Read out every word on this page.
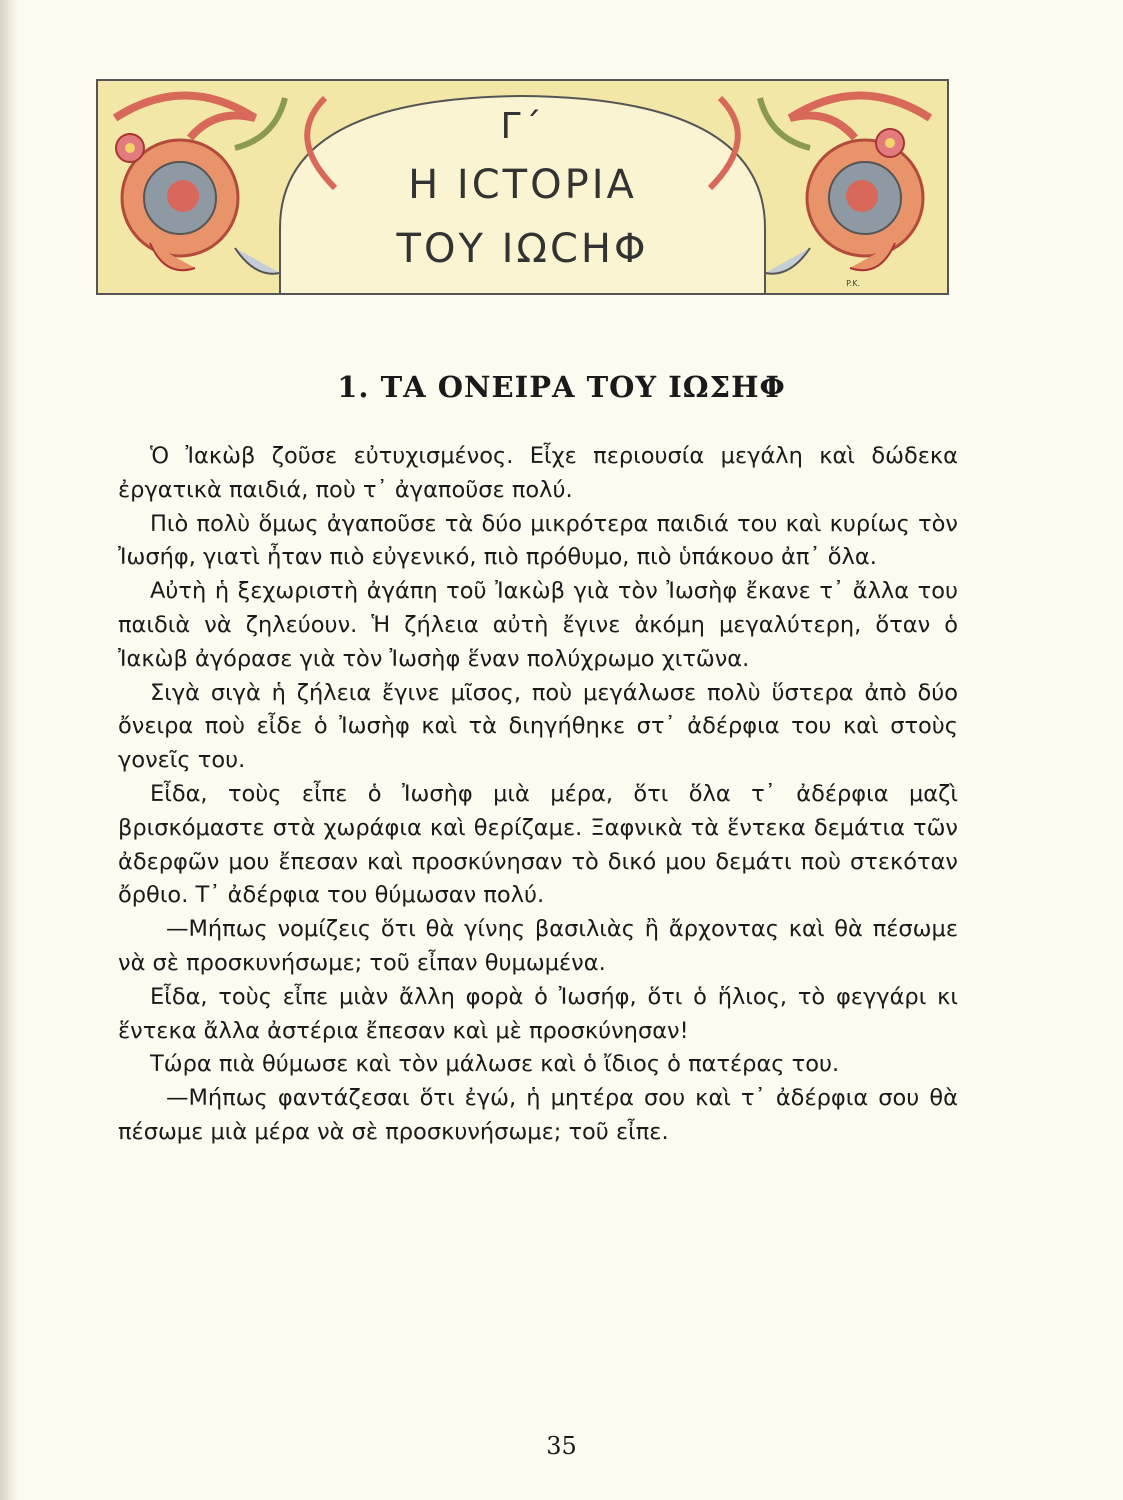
Γ΄
Η ΙCΤΟΡΙΑ
ΤΟΥ ΙΩCΗΦ
P.K.
1. ΤΑ ΟΝΕΙΡΑ ΤΟΥ ΙΩΣΗΦ

Ὁ Ἰακὼβ ζοῦσε εὐτυχισμένος. Εἶχε περιουσία μεγάλη καὶ δώδεκα ἐργατικὰ παιδιά, ποὺ τ᾿ ἀγαποῦσε πολύ.

Πιὸ πολὺ ὅμως ἀγαποῦσε τὰ δύο μικρότερα παιδιά του καὶ κυρίως τὸν Ἰωσήφ, γιατὶ ἦταν πιὸ εὐγενικό, πιὸ πρόθυμο, πιὸ ὑπάκουο ἀπ᾿ ὅλα.

Αὐτὴ ἡ ξεχωριστὴ ἀγάπη τοῦ Ἰακὼβ γιὰ τὸν Ἰωσὴφ ἔκανε τ᾿ ἄλλα του παιδιὰ νὰ ζηλεύουν. Ἡ ζήλεια αὐτὴ ἔγινε ἀκόμη μεγαλύτερη, ὅταν ὁ Ἰακὼβ ἀγόρασε γιὰ τὸν Ἰωσὴφ ἕναν πολύχρωμο χιτῶνα.

Σιγὰ σιγὰ ἡ ζήλεια ἔγινε μῖσος, ποὺ μεγάλωσε πολὺ ὕστερα ἀπὸ δύο ὄνειρα ποὺ εἶδε ὁ Ἰωσὴφ καὶ τὰ διηγήθηκε στ᾿ ἀδέρφια του καὶ στοὺς γονεῖς του.

Εἶδα, τοὺς εἶπε ὁ Ἰωσὴφ μιὰ μέρα, ὅτι ὅλα τ᾿ ἀδέρφια μαζὶ βρισκόμαστε στὰ χωράφια καὶ θερίζαμε. Ξαφνικὰ τὰ ἕντεκα δεμάτια τῶν ἀδερφῶν μου ἔπεσαν καὶ προσκύνησαν τὸ δικό μου δεμάτι ποὺ στεκόταν ὄρθιο. Τ᾿ ἀδέρφια του θύμωσαν πολύ.

—Μήπως νομίζεις ὅτι θὰ γίνης βασιλιὰς ἢ ἄρχοντας καὶ θὰ πέσωμε νὰ σὲ προσκυνήσωμε; τοῦ εἶπαν θυμωμένα.

Εἶδα, τοὺς εἶπε μιὰν ἄλλη φορὰ ὁ Ἰωσήφ, ὅτι ὁ ἥλιος, τὸ φεγγάρι κι ἕντεκα ἄλλα ἀστέρια ἔπεσαν καὶ μὲ προσκύνησαν!

Τώρα πιὰ θύμωσε καὶ τὸν μάλωσε καὶ ὁ ἴδιος ὁ πατέρας του.

—Μήπως φαντάζεσαι ὅτι ἐγώ, ἡ μητέρα σου καὶ τ᾿ ἀδέρφια σου θὰ πέσωμε μιὰ μέρα νὰ σὲ προσκυνήσωμε; τοῦ εἶπε.

35
